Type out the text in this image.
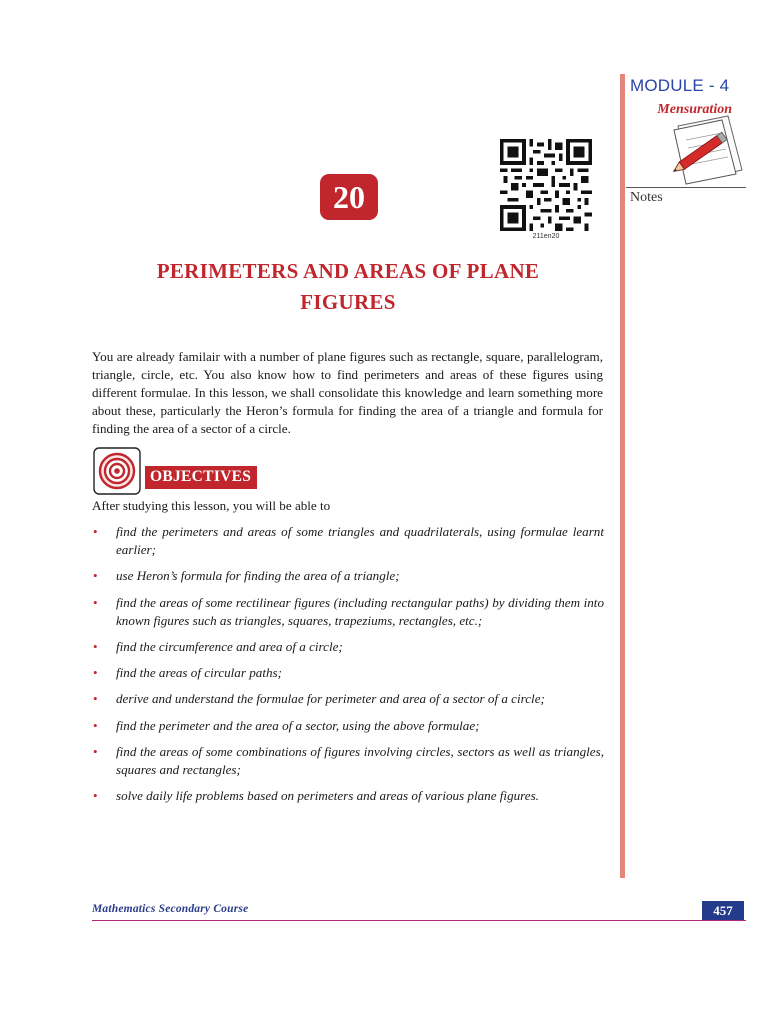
MODULE - 4
Mensuration
Notes
211en20
20
PERIMETERS AND AREAS OF PLANE
FIGURES

You are already familair with a number of plane figures such as rectangle, square, parallelogram, triangle, circle, etc. You also know how to find perimeters and areas of these figures using different formulae. In this lesson, we shall consolidate this knowledge and learn something more about these, particularly the Heron’s formula for finding the area of a triangle and formula for finding the area of a sector of a circle.

OBJECTIVES
After studying this lesson, you will be able to
• find the perimeters and areas of some triangles and quadrilaterals, using formulae learnt earlier;
• use Heron’s formula for finding the area of a triangle;
• find the areas of some rectilinear figures (including rectangular paths) by dividing them into known figures such as triangles, squares, trapeziums, rectangles, etc.;
• find the circumference and area of a circle;
• find the areas of circular paths;
• derive and understand the formulae for perimeter and area of a sector of a circle;
• find the perimeter and the area of a sector, using the above formulae;
• find the areas of some combinations of figures involving circles, sectors as well as triangles, squares and rectangles;
• solve daily life problems based on perimeters and areas of various plane figures.
Mathematics Secondary Course	457
